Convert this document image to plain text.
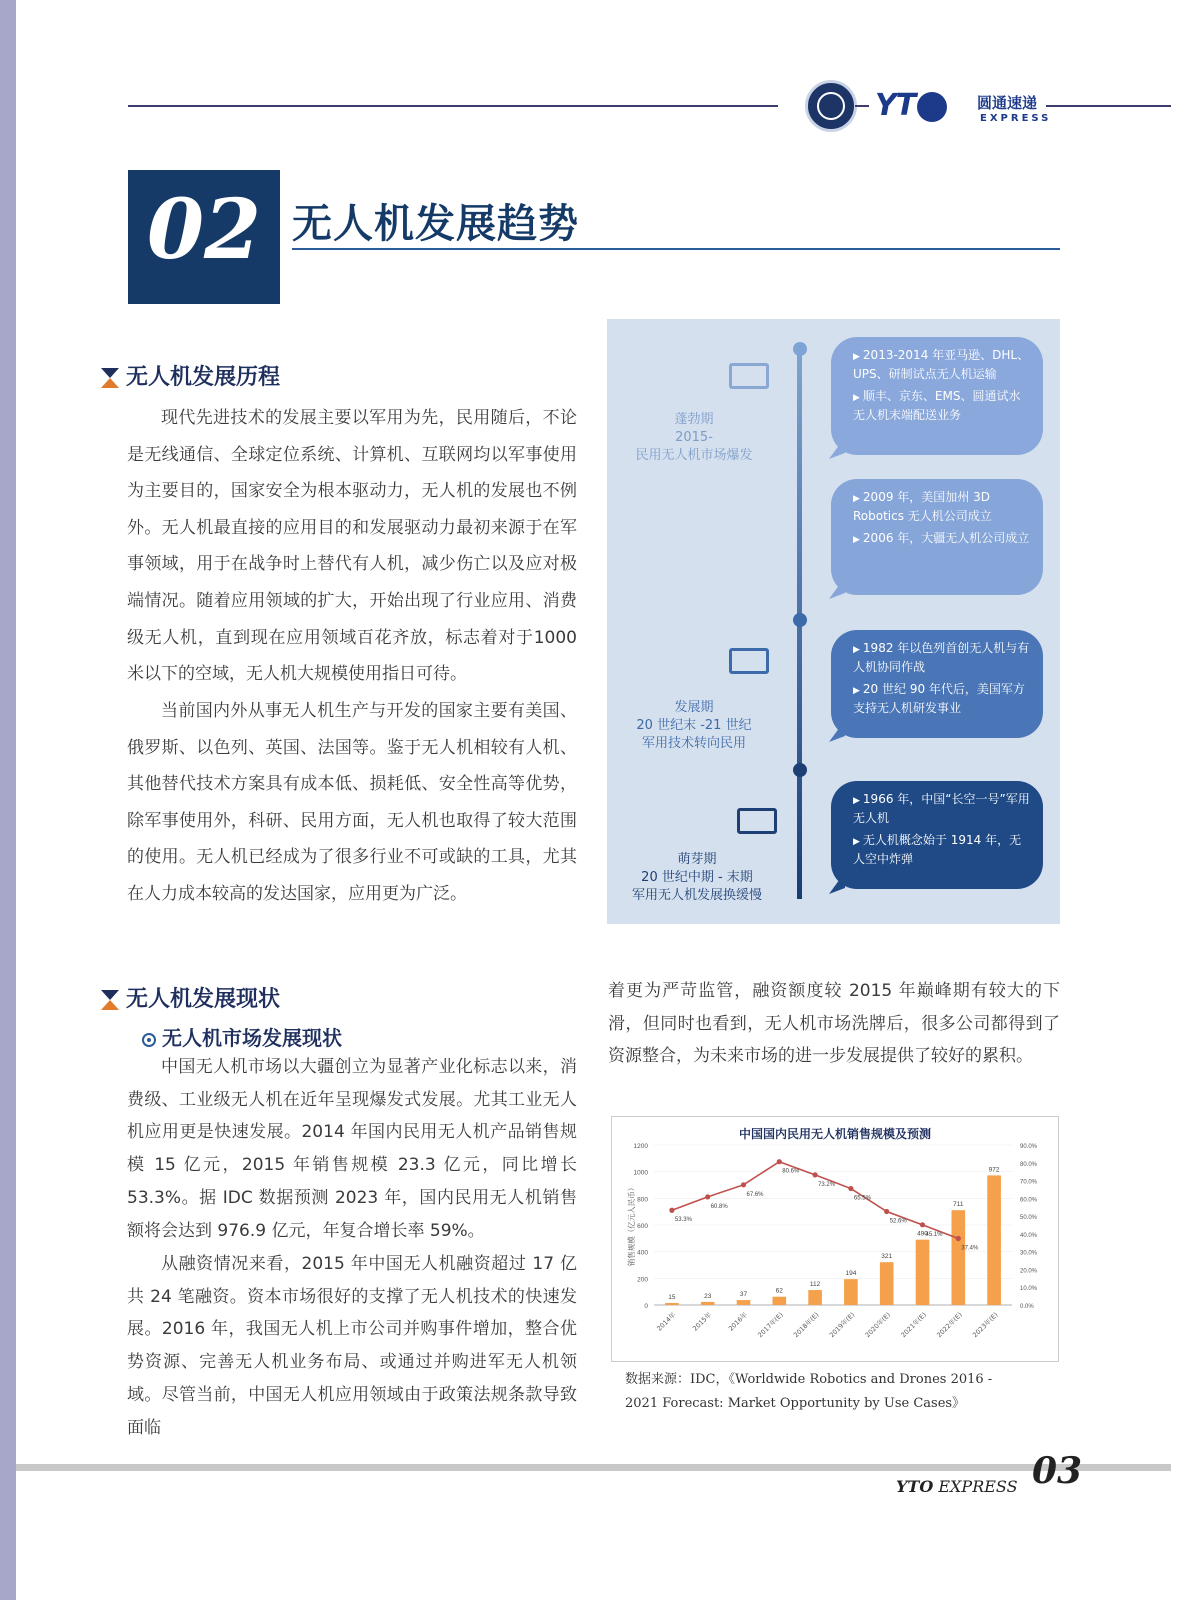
YT	圆通速递
EXPRESS
02 无人机发展趋势
无人机发展历程
现代先进技术的发展主要以军用为先，民用随后，不论是无线通信、全球定位系统、计算机、互联网均以军事使用为主要目的，国家安全为根本驱动力，无人机的发展也不例外。无人机最直接的应用目的和发展驱动力最初来源于在军事领域，用于在战争时上替代有人机，减少伤亡以及应对极端情况。随着应用领域的扩大，开始出现了行业应用、消费级无人机，直到现在应用领域百花齐放，标志着对于1000米以下的空域，无人机大规模使用指日可待。
当前国内外从事无人机生产与开发的国家主要有美国、俄罗斯、以色列、英国、法国等。鉴于无人机相较有人机、其他替代技术方案具有成本低、损耗低、安全性高等优势，除军事使用外，科研、民用方面，无人机也取得了较大范围的使用。无人机已经成为了很多行业不可或缺的工具，尤其在人力成本较高的发达国家，应用更为广泛。
蓬勃期
2015-
民用无人机市场爆发
发展期
20 世纪末 -21 世纪
军用技术转向民用
萌芽期
20 世纪中期 - 末期
军用无人机发展换缓慢
▶ 2013-2014 年亚马逊、DHL、UPS、研制试点无人机运输
▶ 顺丰、京东、EMS、圆通试水无人机末端配送业务
▶ 2009 年，美国加州 3D Robotics 无人机公司成立
▶ 2006 年，大疆无人机公司成立
▶ 1982 年以色列首创无人机与有人机协同作战
▶ 20 世纪 90 年代后，美国军方支持无人机研发事业
▶ 1966 年，中国“长空一号”军用无人机
▶ 无人机概念始于 1914 年，无人空中炸弹
无人机发展现状
无人机市场发展现状
中国无人机市场以大疆创立为显著产业化标志以来，消费级、工业级无人机在近年呈现爆发式发展。尤其工业无人机应用更是快速发展。2014 年国内民用无人机产品销售规模 15 亿元，2015 年销售规模 23.3 亿元，同比增长 53.3%。据 IDC 数据预测 2023 年，国内民用无人机销售额将会达到 976.9 亿元，年复合增长率 59%。
从融资情况来看，2015 年中国无人机融资超过 17 亿共 24 笔融资。资本市场很好的支撑了无人机技术的快速发展。2016 年，我国无人机上市公司并购事件增加，整合优势资源、完善无人机业务布局、或通过并购进军无人机领域。尽管当前，中国无人机应用领域由于政策法规条款导致面临
着更为严苛监管，融资额度较 2015 年巅峰期有较大的下滑，但同时也看到，无人机市场洗牌后，很多公司都得到了资源整合，为未来市场的进一步发展提供了较好的累积。
中国国内民用无人机销售规模及预测
1200
1000
800
600
400
200
0
90.0%
80.0%
70.0%
60.0%
50.0%
40.0%
30.0%
20.0%
10.0%
0.0%
销售规模（亿元人民币）
15
2014年
23
2015年
37
2016年
62
2017年(E)
112
2018年(E)
194
2019年(E)
321
2020年(E)
490
2021年(E)
711
2022年(E)
972
2023年(E)
53.3%
60.8%
67.6%
80.6%
73.2%
65.5%
52.6%
45.1%
37.4%
数据来源：IDC，《Worldwide Robotics and Drones 2016 -
2021 Forecast: Market Opportunity by Use Cases》
YTO EXPRESS 03
